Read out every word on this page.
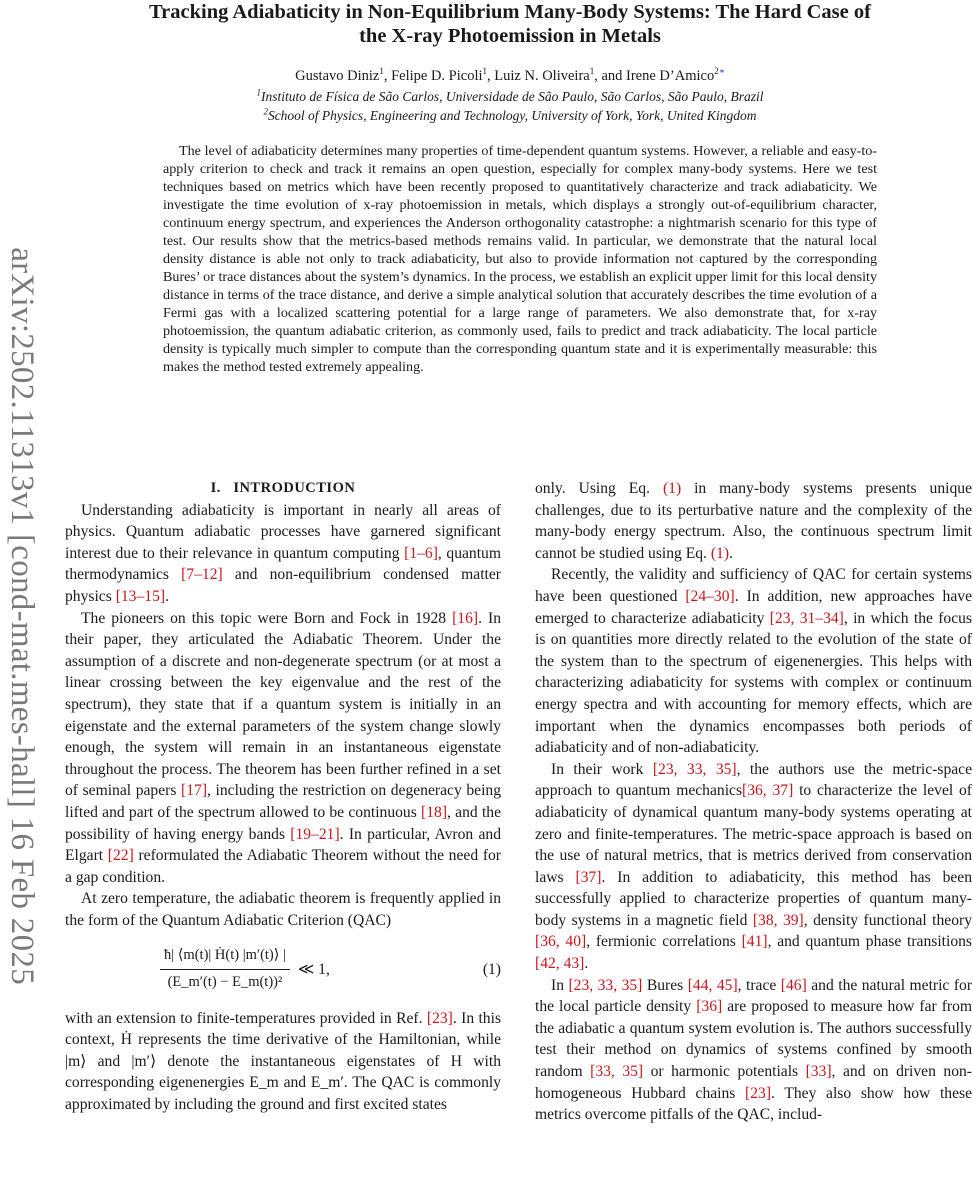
arXiv:2502.11313v1 [cond-mat.mes-hall] 16 Feb 2025
Tracking Adiabaticity in Non-Equilibrium Many-Body Systems: The Hard Case of
the X-ray Photoemission in Metals
Gustavo Diniz$^1$, Felipe D. Picoli$^1$, Luiz N. Oliveira$^1$, and Irene D’Amico$^{2∗}$
$^1$Instituto de Física de São Carlos, Universidade de São Paulo, São Carlos, São Paulo, Brazil
$^2$School of Physics, Engineering and Technology, University of York, York, United Kingdom
The level of adiabaticity determines many properties of time-dependent quantum systems. However, a reliable and easy-to-apply criterion to check and track it remains an open question, especially for complex many-body systems. Here we test techniques based on metrics which have been recently proposed to quantitatively characterize and track adiabaticity. We investigate the time evolution of x-ray photoemission in metals, which displays a strongly out-of-equilibrium character, continuum energy spectrum, and experiences the Anderson orthogonality catastrophe: a nightmarish scenario for this type of test. Our results show that the metrics-based methods remains valid. In particular, we demonstrate that the natural local density distance is able not only to track adiabaticity, but also to provide information not captured by the corresponding Bures’ or trace distances about the system’s dynamics. In the process, we establish an explicit upper limit for this local density distance in terms of the trace distance, and derive a simple analytical solution that accurately describes the time evolution of a Fermi gas with a localized scattering potential for a large range of parameters. We also demonstrate that, for x-ray photoemission, the quantum adiabatic criterion, as commonly used, fails to predict and track adiabaticity. The local particle density is typically much simpler to compute than the corresponding quantum state and it is experimentally measurable: this makes the method tested extremely appealing.

I. INTRODUCTION

Understanding adiabaticity is important in nearly all areas of physics. Quantum adiabatic processes have garnered significant interest due to their relevance in quantum computing [1–6], quantum thermodynamics [7–12] and non-equilibrium condensed matter physics [13–15].

The pioneers on this topic were Born and Fock in 1928 [16]. In their paper, they articulated the Adiabatic Theorem. Under the assumption of a discrete and non-degenerate spectrum (or at most a linear crossing between the key eigenvalue and the rest of the spectrum), they state that if a quantum system is initially in an eigenstate and the external parameters of the system change slowly enough, the system will remain in an instantaneous eigenstate throughout the process. The theorem has been further refined in a set of seminal papers [17], including the restriction on degeneracy being lifted and part of the spectrum allowed to be continuous [18], and the possibility of having energy bands [19–21]. In particular, Avron and Elgart [22] reformulated the Adiabatic Theorem without the need for a gap condition.

At zero temperature, the adiabatic theorem is frequently applied in the form of the Quantum Adiabatic Criterion (QAC)

$\frac{\text{ħ| ⟨m(t)| Ḣ(t) |m′(t)⟩ |}}{\text{(E\_m′(t) − E\_m(t))²}}$ ≪ 1,	(1)

with an extension to finite-temperatures provided in Ref. [23]. In this context, Ḣ represents the time derivative of the Hamiltonian, while |m⟩ and |m′⟩ denote the instantaneous eigenstates of H with corresponding eigenenergies E_m and E_m′. The QAC is commonly approximated by including the ground and first excited states

only. Using Eq. (1) in many-body systems presents unique challenges, due to its perturbative nature and the complexity of the many-body energy spectrum. Also, the continuous spectrum limit cannot be studied using Eq. (1).

Recently, the validity and sufficiency of QAC for certain systems have been questioned [24–30]. In addition, new approaches have emerged to characterize adiabaticity [23, 31–34], in which the focus is on quantities more directly related to the evolution of the state of the system than to the spectrum of eigenenergies. This helps with characterizing adiabaticity for systems with complex or continuum energy spectra and with accounting for memory effects, which are important when the dynamics encompasses both periods of adiabaticity and of non-adiabaticity.

In their work [23, 33, 35], the authors use the metric-space approach to quantum mechanics[36, 37] to characterize the level of adiabaticity of dynamical quantum many-body systems operating at zero and finite-temperatures. The metric-space approach is based on the use of natural metrics, that is metrics derived from conservation laws [37]. In addition to adiabaticity, this method has been successfully applied to characterize properties of quantum many-body systems in a magnetic field [38, 39], density functional theory [36, 40], fermionic correlations [41], and quantum phase transitions [42, 43].

In [23, 33, 35] Bures [44, 45], trace [46] and the natural metric for the local particle density [36] are proposed to measure how far from the adiabatic a quantum system evolution is. The authors successfully test their method on dynamics of systems confined by smooth random [33, 35] or harmonic potentials [33], and on driven non-homogeneous Hubbard chains [23]. They also show how these metrics overcome pitfalls of the QAC, includ-
